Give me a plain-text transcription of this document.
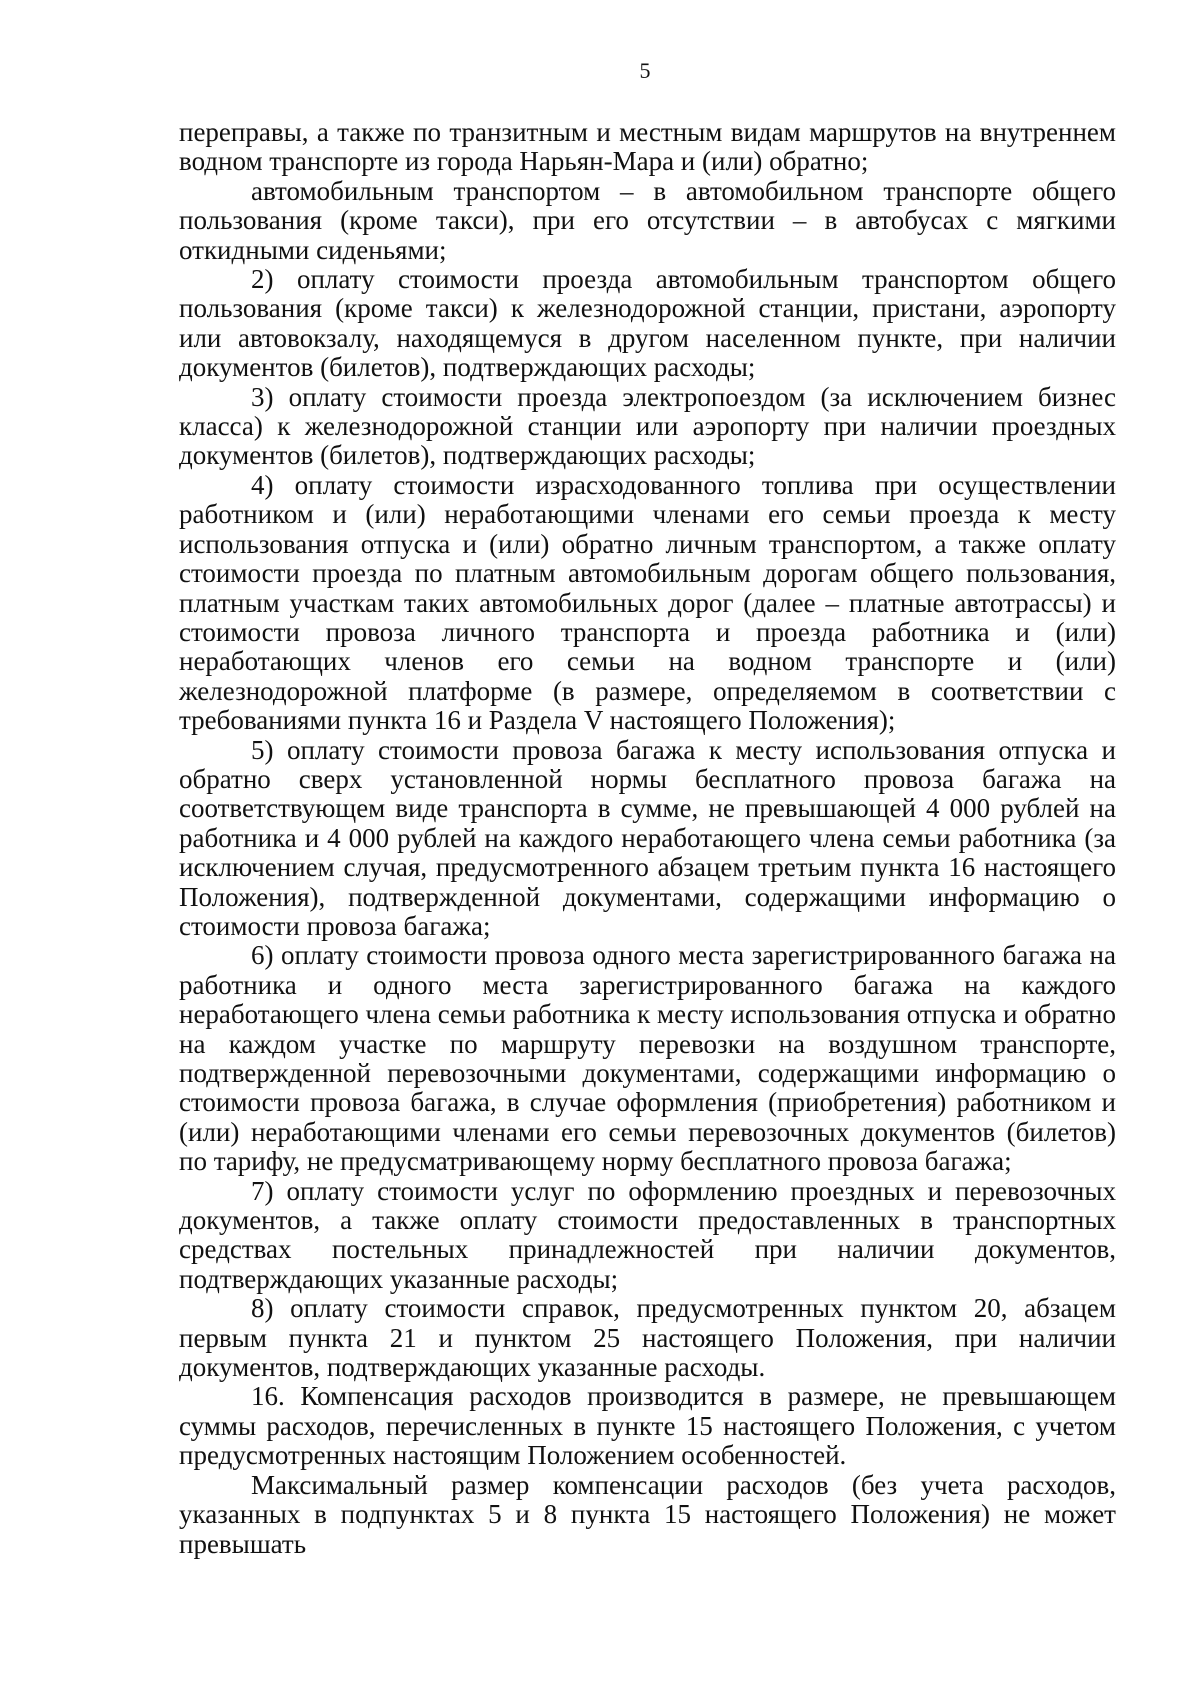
5

переправы, а также по транзитным и местным видам маршрутов на внутреннем водном транспорте из города Нарьян-Мара и (или) обратно;

автомобильным транспортом – в автомобильном транспорте общего пользования (кроме такси), при его отсутствии – в автобусах с мягкими откидными сиденьями;

2) оплату стоимости проезда автомобильным транспортом общего пользования (кроме такси) к железнодорожной станции, пристани, аэропорту или автовокзалу, находящемуся в другом населенном пункте, при наличии документов (билетов), подтверждающих расходы;

3) оплату стоимости проезда электропоездом (за исключением бизнес класса) к железнодорожной станции или аэропорту при наличии проездных документов (билетов), подтверждающих расходы;

4) оплату стоимости израсходованного топлива при осуществлении работником и (или) неработающими членами его семьи проезда к месту использования отпуска и (или) обратно личным транспортом, а также оплату стоимости проезда по платным автомобильным дорогам общего пользования, платным участкам таких автомобильных дорог (далее – платные автотрассы) и стоимости провоза личного транспорта и проезда работника и (или) неработающих членов его семьи на водном транспорте и (или) железнодорожной платформе (в размере, определяемом в соответствии с требованиями пункта 16 и Раздела V настоящего Положения);

5) оплату стоимости провоза багажа к месту использования отпуска и обратно сверх установленной нормы бесплатного провоза багажа на соответствующем виде транспорта в сумме, не превышающей 4 000 рублей на работника и 4 000 рублей на каждого неработающего члена семьи работника (за исключением случая, предусмотренного абзацем третьим пункта 16 настоящего Положения), подтвержденной документами, содержащими информацию о стоимости провоза багажа;

6) оплату стоимости провоза одного места зарегистрированного багажа на работника и одного места зарегистрированного багажа на каждого неработающего члена семьи работника к месту использования отпуска и обратно на каждом участке по маршруту перевозки на воздушном транспорте, подтвержденной перевозочными документами, содержащими информацию о стоимости провоза багажа, в случае оформления (приобретения) работником и (или) неработающими членами его семьи перевозочных документов (билетов) по тарифу, не предусматривающему норму бесплатного провоза багажа;

7) оплату стоимости услуг по оформлению проездных и перевозочных документов, а также оплату стоимости предоставленных в транспортных средствах постельных принадлежностей при наличии документов, подтверждающих указанные расходы;

8) оплату стоимости справок, предусмотренных пунктом 20, абзацем первым пункта 21 и пунктом 25 настоящего Положения, при наличии документов, подтверждающих указанные расходы.

16. Компенсация расходов производится в размере, не превышающем суммы расходов, перечисленных в пункте 15 настоящего Положения, с учетом предусмотренных настоящим Положением особенностей.

Максимальный размер компенсации расходов (без учета расходов, указанных в подпунктах 5 и 8 пункта 15 настоящего Положения) не может превышать
